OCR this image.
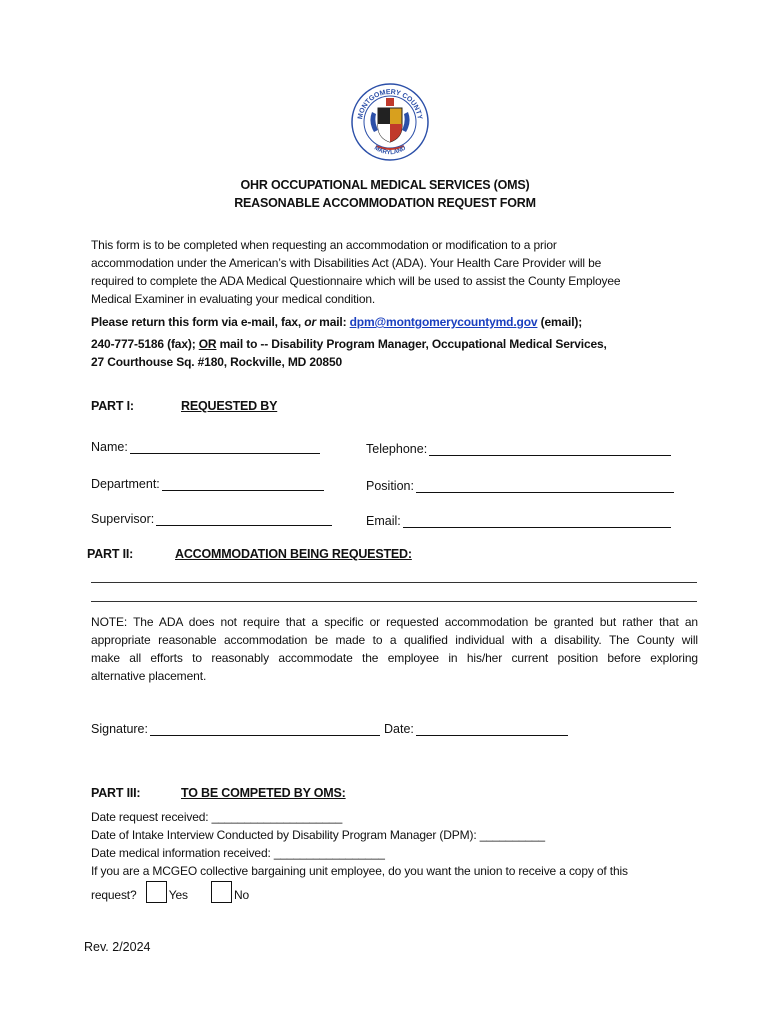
MONTGOMERY COUNTY
MARYLAND
OHR OCCUPATIONAL MEDICAL SERVICES (OMS)
REASONABLE ACCOMMODATION REQUEST FORM
This form is to be completed when requesting an accommodation or modification to a prior
accommodation under the American’s with Disabilities Act (ADA). Your Health Care Provider will be
required to complete the ADA Medical Questionnaire which will be used to assist the County Employee
Medical Examiner in evaluating your medical condition.
Please return this form via e-mail, fax, or mail: dpm@montgomerycountymd.gov (email);
240-777-5186 (fax); OR mail to -- Disability Program Manager, Occupational Medical Services,
27 Courthouse Sq. #180, Rockville, MD 20850
PART I:	REQUESTED BY
Name:	Telephone:
Department:	Position:
Supervisor:	Email:
PART II:	ACCOMMODATION BEING REQUESTED:
NOTE: The ADA does not require that a specific or requested accommodation be granted but rather that an
appropriate reasonable accommodation be made to a qualified individual with a disability. The County will
make all efforts to reasonably accommodate the employee in his/her current position before exploring
alternative placement.
Signature:	Date:
PART III:	TO BE COMPETED BY OMS:
Date request received: ____________________
Date of Intake Interview Conducted by Disability Program Manager (DPM): __________
Date medical information received: _________________
If you are a MCGEO collective bargaining unit employee, do you want the union to receive a copy of this
request?	Yes	No
Rev. 2/2024
